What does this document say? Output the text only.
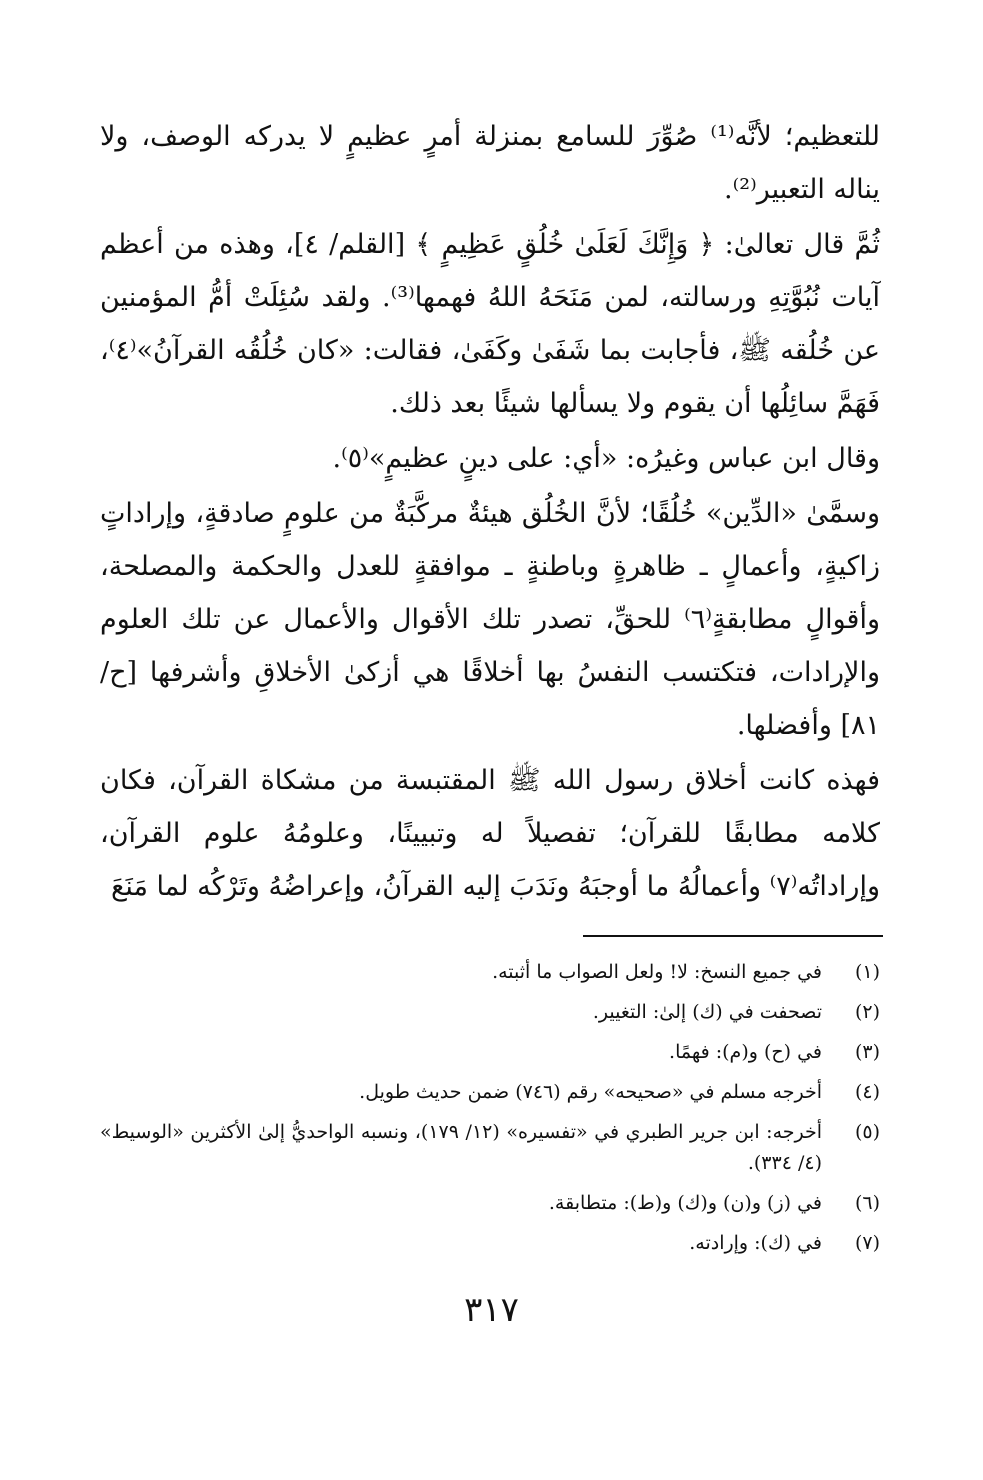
للتعظيم؛ لأنَّه⁽¹⁾ صُوِّرَ للسامع بمنزلة أمرٍ عظيمٍ لا يدركه الوصف، ولا يناله التعبير⁽²⁾.

ثُمَّ قال تعالىٰ: ﴿ وَإِنَّكَ لَعَلَىٰ خُلُقٍ عَظِيمٍ ﴾ [القلم/ ٤]، وهذه من أعظم آيات نُبُوَّتِهِ ورسالته، لمن مَنَحَهُ اللهُ فهمها⁽³⁾. ولقد سُئِلَتْ أمُّ المؤمنين عن خُلُقه ﷺ، فأجابت بما شَفَىٰ وكَفَىٰ، فقالت: «كان خُلُقُه القرآنُ»⁽٤⁾، فَهَمَّ سائِلُها أن يقوم ولا يسألها شيئًا بعد ذلك.

وقال ابن عباس وغيرُه: «أي: على دينٍ عظيمٍ»⁽٥⁾.

وسمَّىٰ «الدِّين» خُلُقًا؛ لأنَّ الخُلُق هيئةٌ مركَّبَةٌ من علومٍ صادقةٍ، وإراداتٍ زاكيةٍ، وأعمالٍ ـ ظاهرةٍ وباطنةٍ ـ موافقةٍ للعدل والحكمة والمصلحة، وأقوالٍ مطابقةٍ⁽٦⁾ للحقِّ، تصدر تلك الأقوال والأعمال عن تلك العلوم والإرادات، فتكتسب النفسُ بها أخلاقًا هي أزكىٰ الأخلاقِ وأشرفها [ح/ ٨١] وأفضلها.

فهذه كانت أخلاق رسول الله ﷺ المقتبسة من مشكاة القرآن، فكان كلامه مطابقًا للقرآن؛ تفصيلاً له وتبيينًا، وعلومُهُ علوم القرآن، وإراداتُه⁽٧⁾ وأعمالُهُ ما أوجبَهُ ونَدَبَ إليه القرآنُ، وإعراضُهُ وتَرْكُه لما مَنَعَ

(١)
في جميع النسخ: لا! ولعل الصواب ما أثبته.
(٢)
تصحفت في (ك) إلىٰ: التغيير.
(٣)
في (ح) و(م): فهمًا.
(٤)
أخرجه مسلم في «صحيحه» رقم (٧٤٦) ضمن حديث طويل.
(٥)
أخرجه: ابن جرير الطبري في «تفسيره» (١٢/ ١٧٩)، ونسبه الواحديُّ إلىٰ الأكثرين «الوسيط» (٤/ ٣٣٤).
(٦)
في (ز) و(ن) و(ك) و(ط): متطابقة.
(٧)
في (ك): وإرادته.
٣١٧
